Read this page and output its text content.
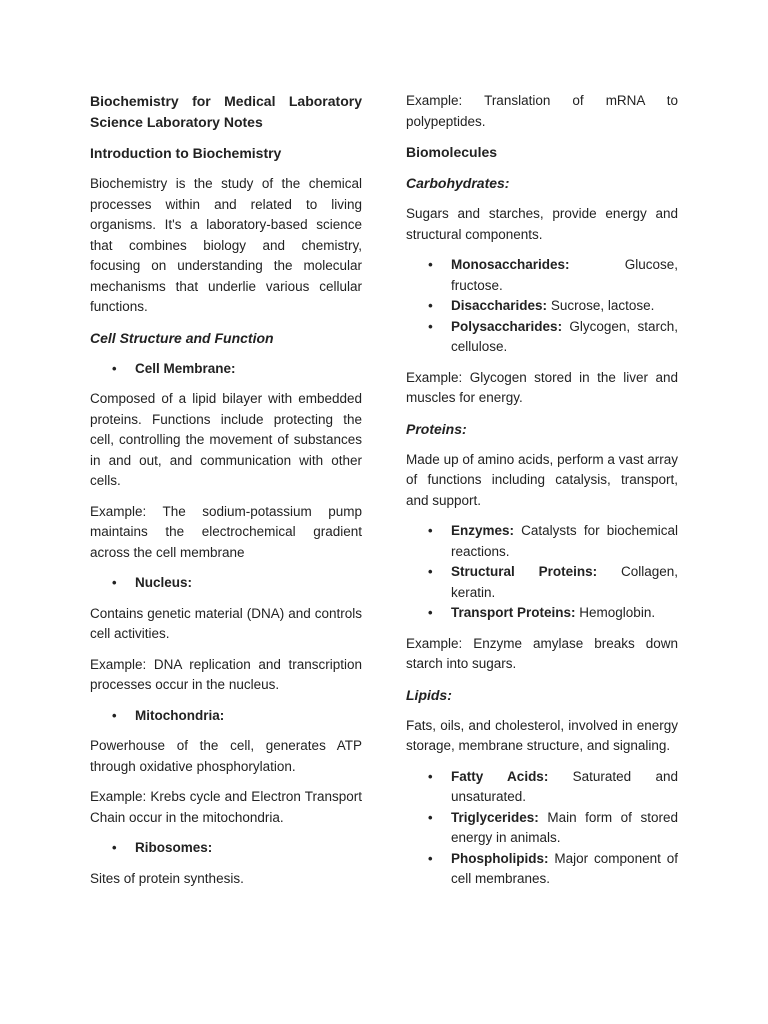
Biochemistry for Medical Laboratory Science Laboratory Notes

Introduction to Biochemistry

Biochemistry is the study of the chemical processes within and related to living organisms. It's a laboratory-based science that combines biology and chemistry, focusing on understanding the molecular mechanisms that underlie various cellular functions.

Cell Structure and Function

• Cell Membrane:

Composed of a lipid bilayer with embedded proteins. Functions include protecting the cell, controlling the movement of substances in and out, and communication with other cells.

Example: The sodium-potassium pump maintains the electrochemical gradient across the cell membrane

• Nucleus:

Contains genetic material (DNA) and controls cell activities.

Example: DNA replication and transcription processes occur in the nucleus.

• Mitochondria:

Powerhouse of the cell, generates ATP through oxidative phosphorylation.

Example: Krebs cycle and Electron Transport Chain occur in the mitochondria.

• Ribosomes:

Sites of protein synthesis.

Example: Translation of mRNA to polypeptides.

Biomolecules

Carbohydrates:

Sugars and starches, provide energy and structural components.

• Monosaccharides: Glucose, fructose.
• Disaccharides: Sucrose, lactose.
• Polysaccharides: Glycogen, starch, cellulose.

Example: Glycogen stored in the liver and muscles for energy.

Proteins:

Made up of amino acids, perform a vast array of functions including catalysis, transport, and support.

• Enzymes: Catalysts for biochemical reactions.
• Structural Proteins: Collagen, keratin.
• Transport Proteins: Hemoglobin.

Example: Enzyme amylase breaks down starch into sugars.

Lipids:

Fats, oils, and cholesterol, involved in energy storage, membrane structure, and signaling.

• Fatty Acids: Saturated and unsaturated.
• Triglycerides: Main form of stored energy in animals.
• Phospholipids: Major component of cell membranes.
